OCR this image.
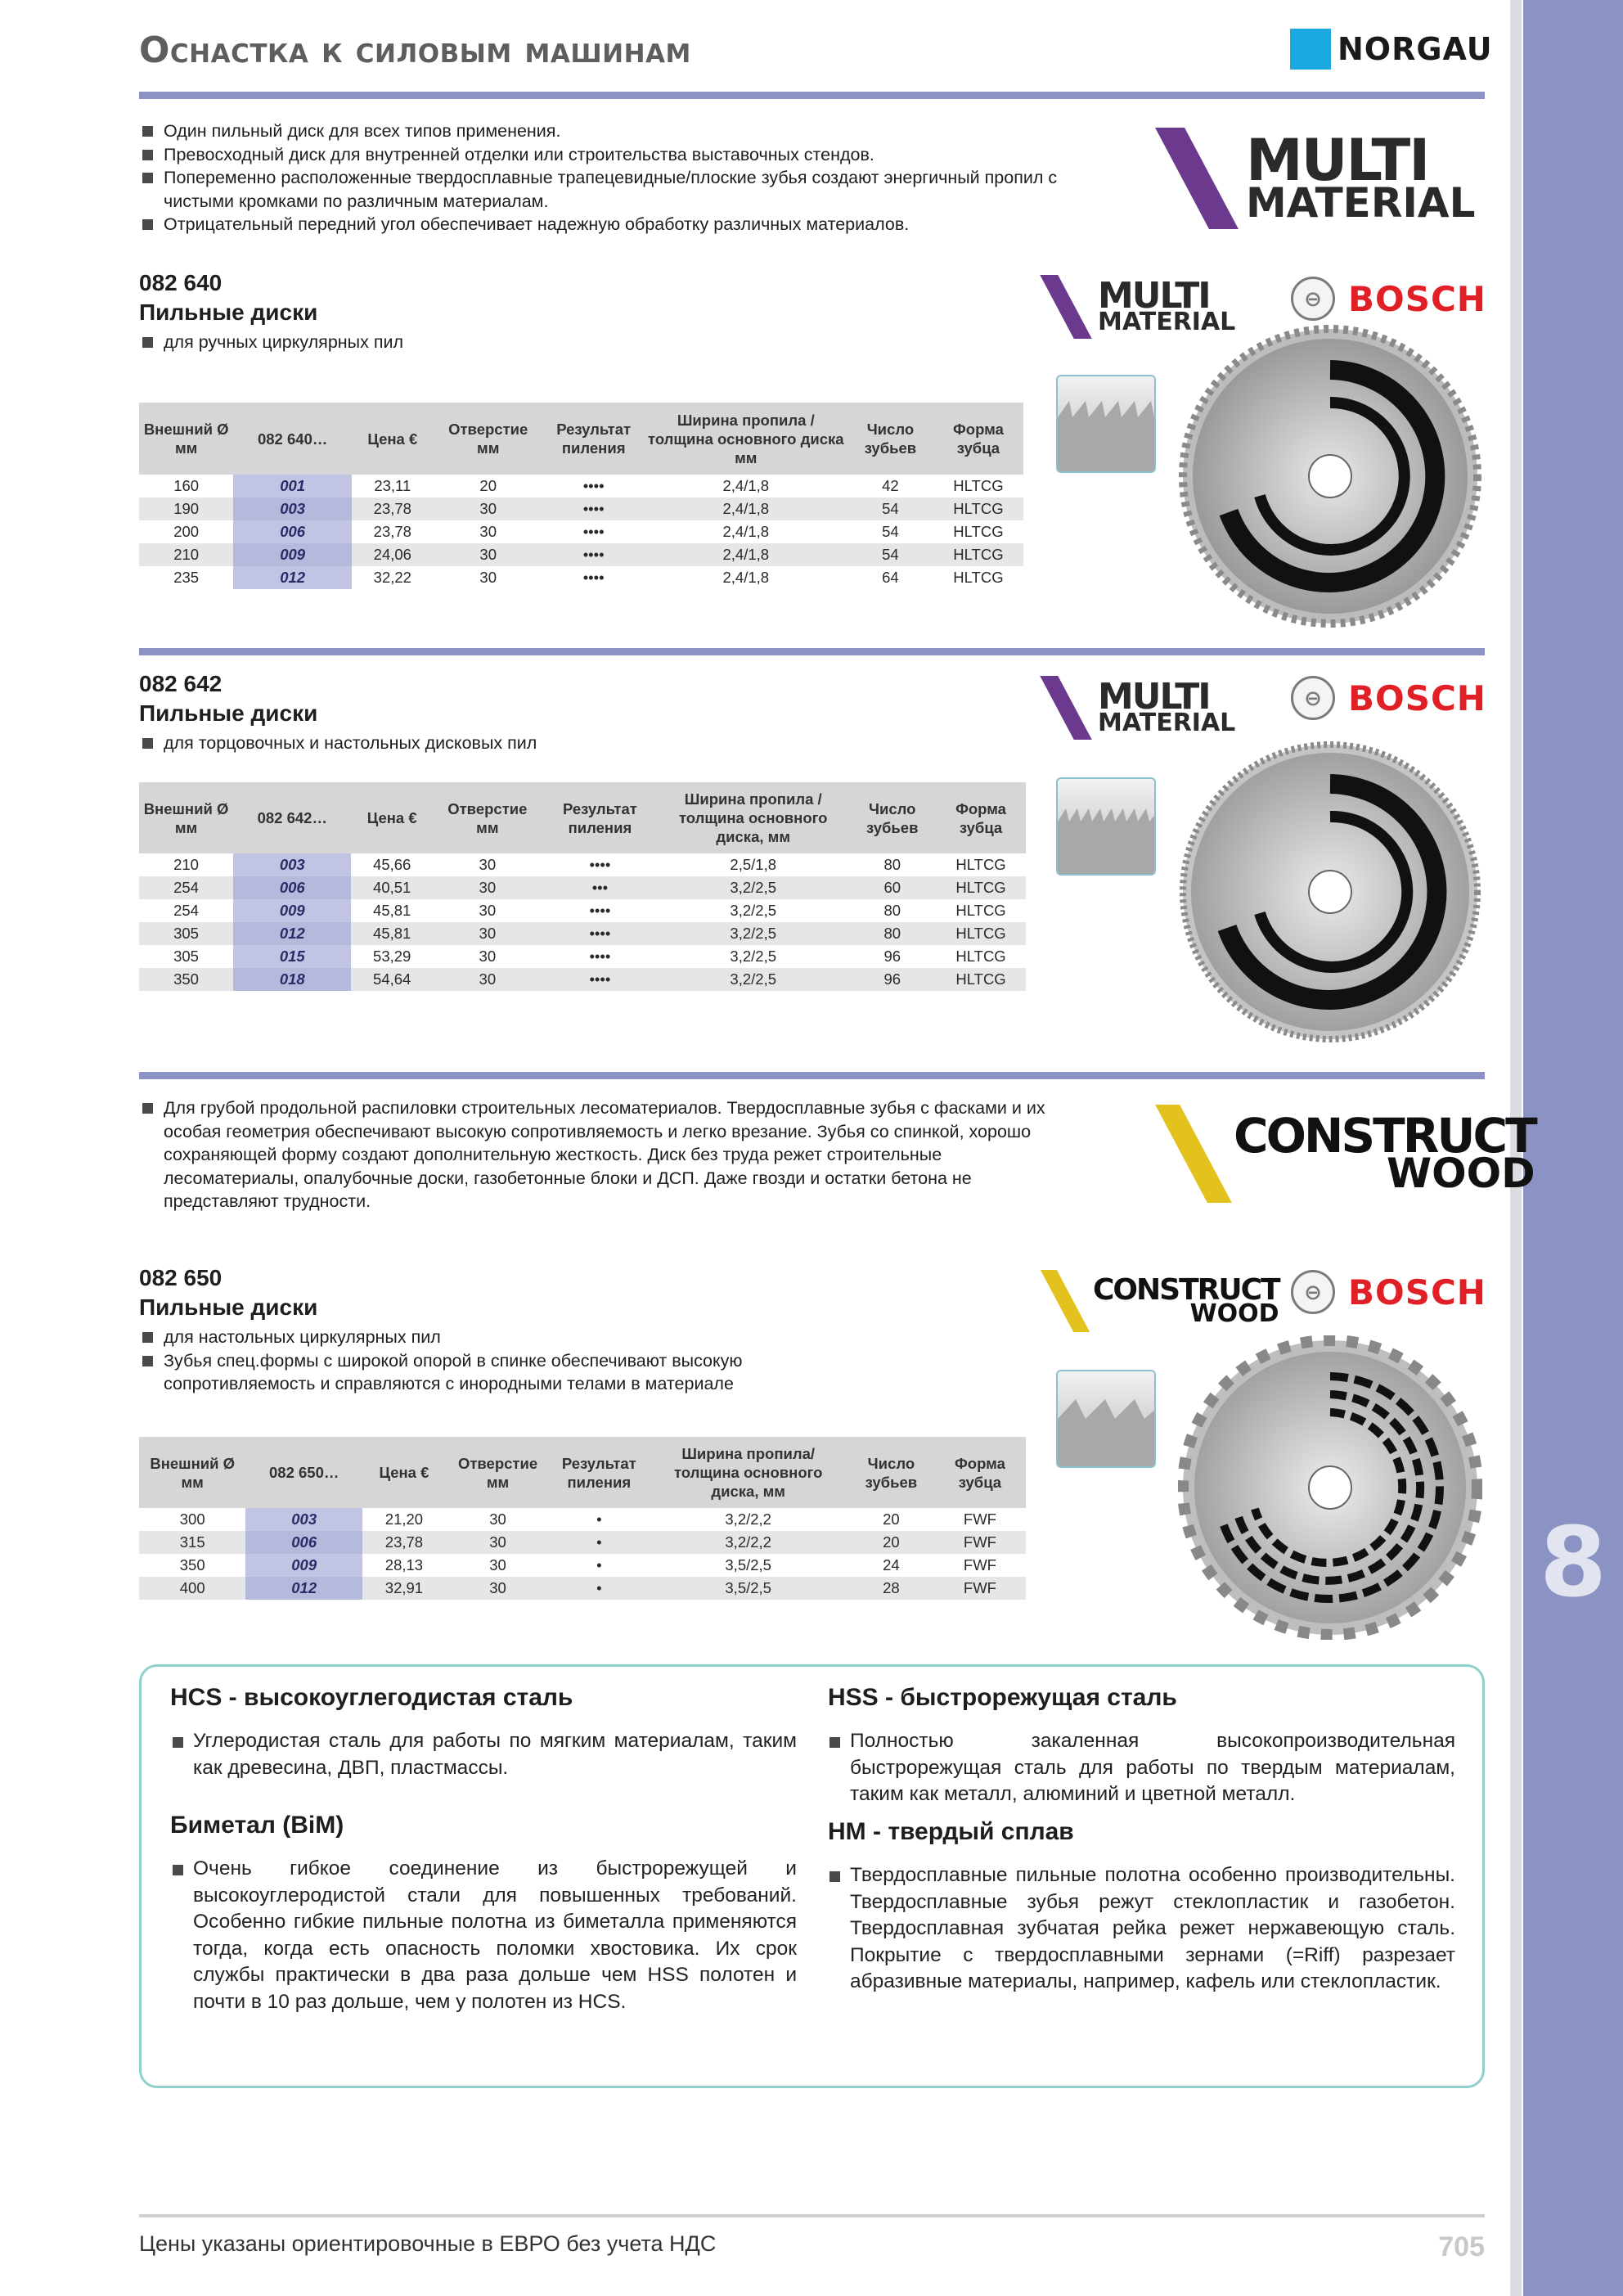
8
Оснастка к силовым машинам	NORGAU
Один пильный диск для всех типов применения.
Превосходный диск для внутренней отделки или строительства выставочных стендов.
Попеременно расположенные твердосплавные трапецевидные/плоские зубья создают энергичный пропил с чистыми кромками по различным материалам.
Отрицательный передний угол обеспечивает надежную обработку различных материалов.
MULTI
MATERIAL
082 640
Пильные диски
для ручных циркулярных пил
Внешний Ø мм	082 640…	Цена €	Отверстие мм	Результат пиления	Ширина пропила / толщина основного диска мм	Число зубьев	Форма зубца
160	001	23,11	20	••••	2,4/1,8	42	HLTCG
190	003	23,78	30	••••	2,4/1,8	54	HLTCG
200	006	23,78	30	••••	2,4/1,8	54	HLTCG
210	009	24,06	30	••••	2,4/1,8	54	HLTCG
235	012	32,22	30	••••	2,4/1,8	64	HLTCG
MULTI
MATERIAL
⊖ BOSCH
082 642
Пильные диски
для торцовочных и настольных дисковых пил
Внешний Ø мм	082 642…	Цена €	Отверстие мм	Результат пиления	Ширина пропила / толщина основного диска, мм	Число зубьев	Форма зубца
210	003	45,66	30	••••	2,5/1,8	80	HLTCG
254	006	40,51	30	•••	3,2/2,5	60	HLTCG
254	009	45,81	30	••••	3,2/2,5	80	HLTCG
305	012	45,81	30	••••	3,2/2,5	80	HLTCG
305	015	53,29	30	••••	3,2/2,5	96	HLTCG
350	018	54,64	30	••••	3,2/2,5	96	HLTCG
MULTI
MATERIAL
⊖ BOSCH
Для грубой продольной распиловки строительных лесоматериалов. Твердосплавные зубья с фасками и их особая геометрия обеспечивают высокую сопротивляемость и легко врезание. Зубья со спинкой, хорошо сохраняющей форму создают дополнительную жесткость. Диск без труда режет строительные лесоматериалы, опалубочные доски, газобетонные блоки и ДСП. Даже гвозди и остатки бетона не представляют трудности.
CONSTRUCT
WOOD
082 650
Пильные диски
для настольных циркулярных пил
Зубья спец.формы с широкой опорой в спинке обеспечивают высокую сопротивляемость и справляются с инородными телами в материале
Внешний Ø мм	082 650…	Цена €	Отверстие мм	Результат пиления	Ширина пропила/ толщина основного диска, мм	Число зубьев	Форма зубца
300	003	21,20	30	•	3,2/2,2	20	FWF
315	006	23,78	30	•	3,2/2,2	20	FWF
350	009	28,13	30	•	3,5/2,5	24	FWF
400	012	32,91	30	•	3,5/2,5	28	FWF
CONSTRUCT
WOOD
⊖ BOSCH
HCS - высокоуглегодистая сталь
Углеродистая сталь для работы по мягким материалам, таким как древесина, ДВП, пластмассы.
Биметал (BiM)
Очень гибкое соединение из быстрорежущей и высокоуглеродистой стали для повышенных требований. Особенно гибкие пильные полотна из биметалла применяются тогда, когда есть опасность поломки хвостовика. Их срок службы практически в два раза дольше чем HSS полотен и почти в 10 раз дольше, чем у полотен из HCS.
HSS - быстрорежущая сталь
Полностью закаленная высокопроизводительная быстрорежущая сталь для работы по твердым материалам, таким как металл, алюминий и цветной металл.
HM - твердый сплав
Твердосплавные пильные полотна особенно производительны. Твердосплавные зубья режут стеклопластик и газобетон. Твердосплавная зубчатая рейка режет нержавеющую сталь. Покрытие с твердосплавными зернами (=Riff) разрезает абразивные материалы, например, кафель или стеклопластик.
Цены указаны ориентировочные в ЕВРО без учета НДС	705
